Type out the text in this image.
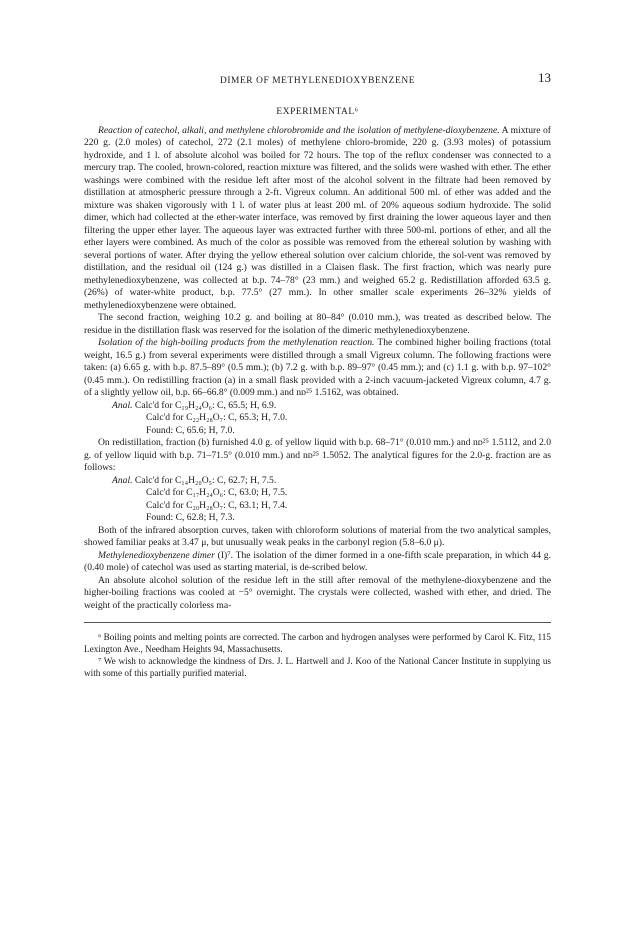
DIMER OF METHYLENEDIOXYBENZENE	13
EXPERIMENTAL⁶

Reaction of catechol, alkali, and methylene chlorobromide and the isolation of methylene-dioxybenzene. A mixture of 220 g. (2.0 moles) of catechol, 272 (2.1 moles) of methylene chloro-bromide, 220 g. (3.93 moles) of potassium hydroxide, and 1 l. of absolute alcohol was boiled for 72 hours. The top of the reflux condenser was connected to a mercury trap. The cooled, brown-colored, reaction mixture was filtered, and the solids were washed with ether. The ether washings were combined with the residue left after most of the alcohol solvent in the filtrate had been removed by distillation at atmospheric pressure through a 2-ft. Vigreux column. An additional 500 ml. of ether was added and the mixture was shaken vigorously with 1 l. of water plus at least 200 ml. of 20% aqueous sodium hydroxide. The solid dimer, which had collected at the ether-water interface, was removed by first draining the lower aqueous layer and then filtering the upper ether layer. The aqueous layer was extracted further with three 500-ml. portions of ether, and all the ether layers were combined. As much of the color as possible was removed from the ethereal solution by washing with several portions of water. After drying the yellow ethereal solution over calcium chloride, the sol-vent was removed by distillation, and the residual oil (124 g.) was distilled in a Claisen flask. The first fraction, which was nearly pure methylenedioxybenzene, was collected at b.p. 74–78° (23 mm.) and weighed 65.2 g. Redistillation afforded 63.5 g. (26%) of water-white product, b.p. 77.5° (27 mm.). In other smaller scale experiments 26–32% yields of methylenedioxybenzene were obtained.

The second fraction, weighing 10.2 g. and boiling at 80–84° (0.010 mm.), was treated as described below. The residue in the distillation flask was reserved for the isolation of the dimeric methylenedioxybenzene.

Isolation of the high-boiling products from the methylenation reaction. The combined higher boiling fractions (total weight, 16.5 g.) from several experiments were distilled through a small Vigreux column. The following fractions were taken: (a) 6.65 g. with b.p. 87.5–89° (0.5 mm.); (b) 7.2 g. with b.p. 89–97° (0.45 mm.); and (c) 1.1 g. with b.p. 97–102° (0.45 mm.). On redistilling fraction (a) in a small flask provided with a 2-inch vacuum-jacketed Vigreux column, 4.7 g. of a slightly yellow oil, b.p. 66–66.8° (0.009 mm.) and nᴅ²⁵ 1.5162, was obtained.

Anal. Calc'd for C₁₉H₂₄O₆: C, 65.5; H, 6.9.
Calc'd for C₂₂H₂₈O₇: C, 65.3; H, 7.0.
Found: C, 65.6; H, 7.0.

On redistillation, fraction (b) furnished 4.0 g. of yellow liquid with b.p. 68–71° (0.010 mm.) and nᴅ²⁵ 1.5112, and 2.0 g. of yellow liquid with b.p. 71–71.5° (0.010 mm.) and nᴅ²⁵ 1.5052. The analytical figures for the 2.0-g. fraction are as follows:

Anal. Calc'd for C₁₄H₂₀O₅: C, 62.7; H, 7.5.
Calc'd for C₁₇H₂₄O₆: C, 63.0; H, 7.5.
Calc'd for C₂₀H₂₈O₇: C, 63.1; H, 7.4.
Found: C, 62.8; H, 7.3.

Both of the infrared absorption curves, taken with chloroform solutions of material from the two analytical samples, showed familiar peaks at 3.47 μ, but unusually weak peaks in the carbonyl region (5.8–6.0 μ).

Methylenedioxybenzene dimer (I)⁷. The isolation of the dimer formed in a one-fifth scale preparation, in which 44 g. (0.40 mole) of catechol was used as starting material, is de-scribed below.

An absolute alcohol solution of the residue left in the still after removal of the methylene-dioxybenzene and the higher-boiling fractions was cooled at −5° overnight. The crystals were collected, washed with ether, and dried. The weight of the practically colorless ma-

⁶ Boiling points and melting points are corrected. The carbon and hydrogen analyses were performed by Carol K. Fitz, 115 Lexington Ave., Needham Heights 94, Massachusetts.

⁷ We wish to acknowledge the kindness of Drs. J. L. Hartwell and J. Koo of the National Cancer Institute in supplying us with some of this partially purified material.
